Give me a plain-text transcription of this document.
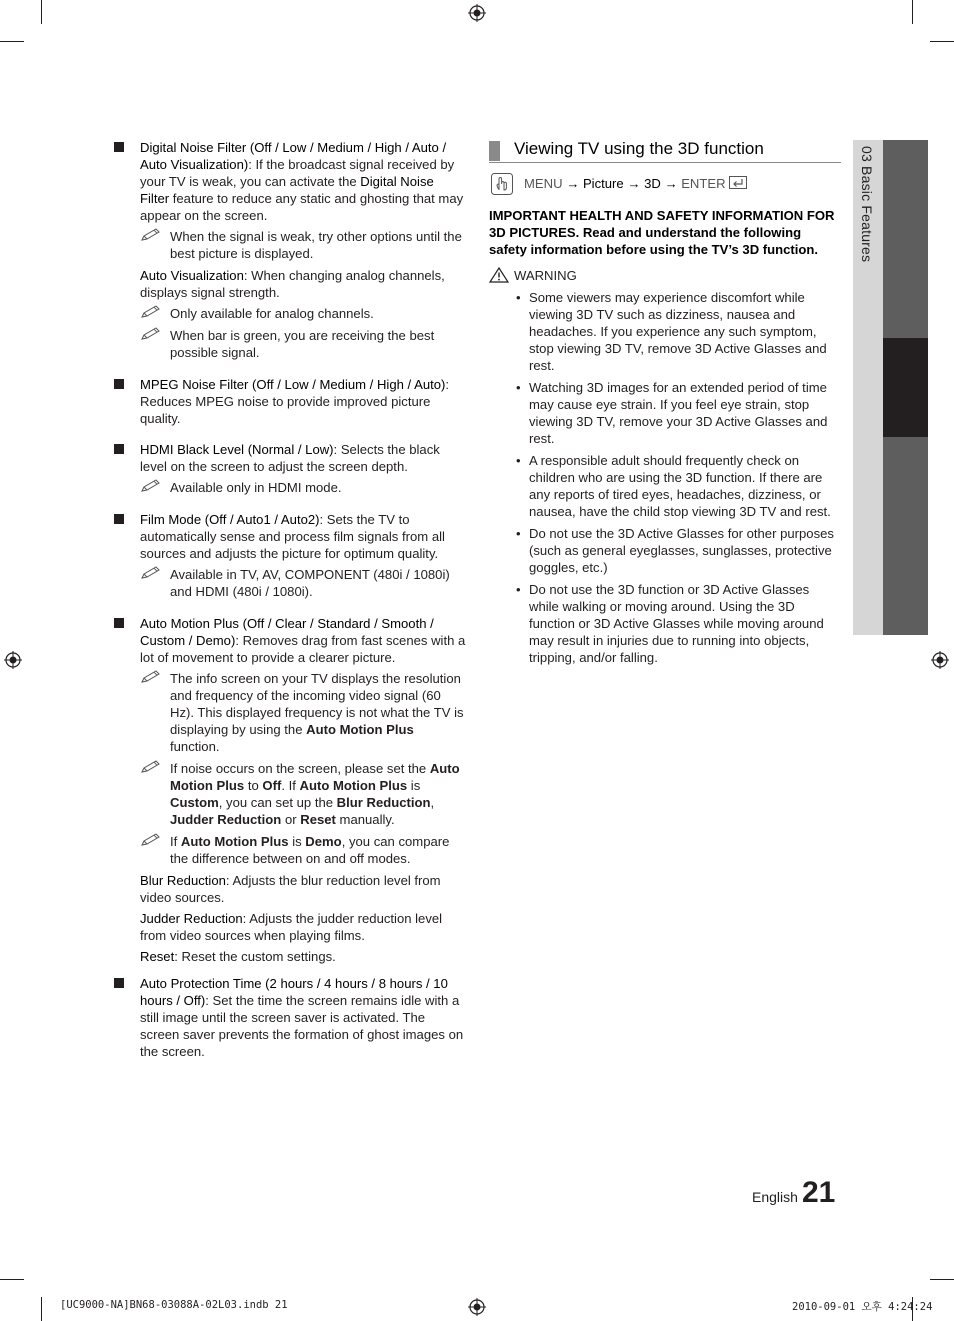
Digital Noise Filter (Off / Low / Medium / High / Auto / Auto Visualization): If the broadcast signal received by your TV is weak, you can activate the Digital Noise Filter feature to reduce any static and ghosting that may appear on the screen.
When the signal is weak, try other options until the best picture is displayed.
Auto Visualization: When changing analog channels, displays signal strength.
Only available for analog channels.
When bar is green, you are receiving the best possible signal.
MPEG Noise Filter (Off / Low / Medium / High / Auto): Reduces MPEG noise to provide improved picture quality.
HDMI Black Level (Normal / Low): Selects the black level on the screen to adjust the screen depth.
Available only in HDMI mode.
Film Mode (Off / Auto1 / Auto2): Sets the TV to automatically sense and process film signals from all sources and adjusts the picture for optimum quality.
Available in TV, AV, COMPONENT (480i / 1080i) and HDMI (480i / 1080i).
Auto Motion Plus (Off / Clear / Standard / Smooth / Custom / Demo): Removes drag from fast scenes with a lot of movement to provide a clearer picture.
The info screen on your TV displays the resolution and frequency of the incoming video signal (60 Hz). This displayed frequency is not what the TV is displaying by using the Auto Motion Plus function.
If noise occurs on the screen, please set the Auto Motion Plus to Off. If Auto Motion Plus is Custom, you can set up the Blur Reduction, Judder Reduction or Reset manually.
If Auto Motion Plus is Demo, you can compare the difference between on and off modes.
Blur Reduction: Adjusts the blur reduction level from video sources.
Judder Reduction: Adjusts the judder reduction level from video sources when playing films.
Reset: Reset the custom settings.
Auto Protection Time (2 hours / 4 hours / 8 hours / 10 hours / Off): Set the time the screen remains idle with a still image until the screen saver is activated. The screen saver prevents the formation of ghost images on the screen.
Viewing TV using the 3D function
MENU → Picture → 3D → ENTER
IMPORTANT HEALTH AND SAFETY INFORMATION FOR 3D PICTURES. Read and understand the following safety information before using the TV’s 3D function.
WARNING
• Some viewers may experience discomfort while viewing 3D TV such as dizziness, nausea and headaches. If you experience any such symptom, stop viewing 3D TV, remove 3D Active Glasses and rest.
• Watching 3D images for an extended period of time may cause eye strain. If you feel eye strain, stop viewing 3D TV, remove your 3D Active Glasses and rest.
• A responsible adult should frequently check on children who are using the 3D function. If there are any reports of tired eyes, headaches, dizziness, or nausea, have the child stop viewing 3D TV and rest.
• Do not use the 3D Active Glasses for other purposes (such as general eyeglasses, sunglasses, protective goggles, etc.)
• Do not use the 3D function or 3D Active Glasses while walking or moving around. Using the 3D function or 3D Active Glasses while moving around may result in injuries due to running into objects, tripping, and/or falling.
03 Basic Features
English 21
[UC9000-NA]BN68-03088A-02L03.indb 21	2010-09-01 오후 4:24:24
